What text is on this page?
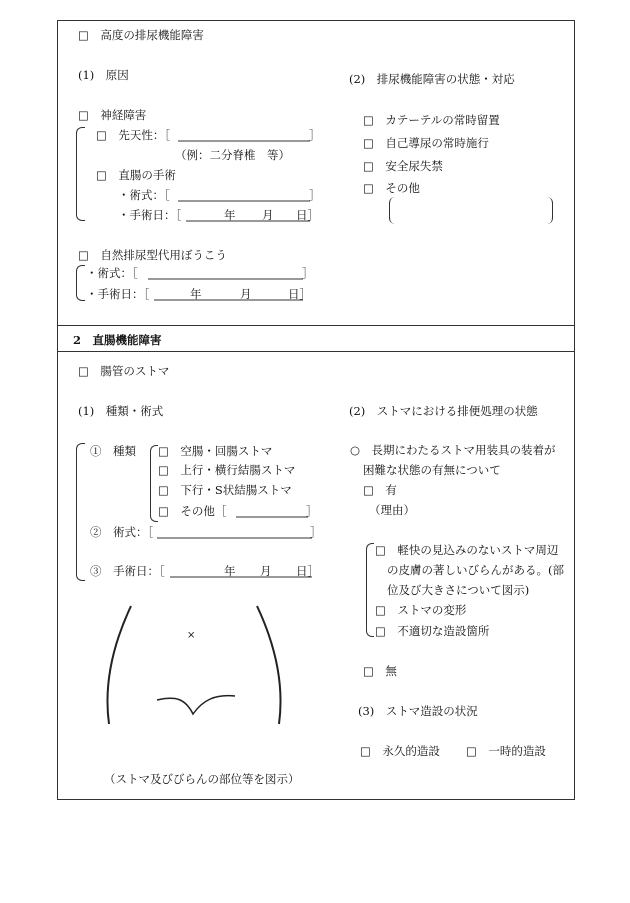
□　高度の排尿機能障害
(1)　原因	(2)　排尿機能障害の状態・対応
□　神経障害
□　先天性：［	］
（例：二分脊椎　等）
□　直腸の手術
・術式：［	］
・手術日：［	年 月 日］
□　自然排尿型代用ぼうこう
・術式：［	］
・手術日：［	年	月	日］
□　カテーテルの常時留置
□　自己導尿の常時施行
□　安全尿失禁
□　その他
2　直腸機能障害
□　腸管のストマ
(1)　種類・術式	(2)　ストマにおける排便処理の状態
①　種類 □　空腸・回腸ストマ
□　上行・横行結腸ストマ
□　下行・S状結腸ストマ
□　その他［	］
②　術式：［	］
③　手術日：［	年 月 日］
×
（ストマ及びびらんの部位等を図示）
○　長期にわたるストマ用装具の装着が
困難な状態の有無について
□　有
（理由）
□　軽快の見込みのないストマ周辺
の皮膚の著しいびらんがある。(部
位及び大きさについて図示)
□　ストマの変形
□　不適切な造設箇所
□　無
(3)　ストマ造設の状況
□　永久的造設 □　一時的造設
